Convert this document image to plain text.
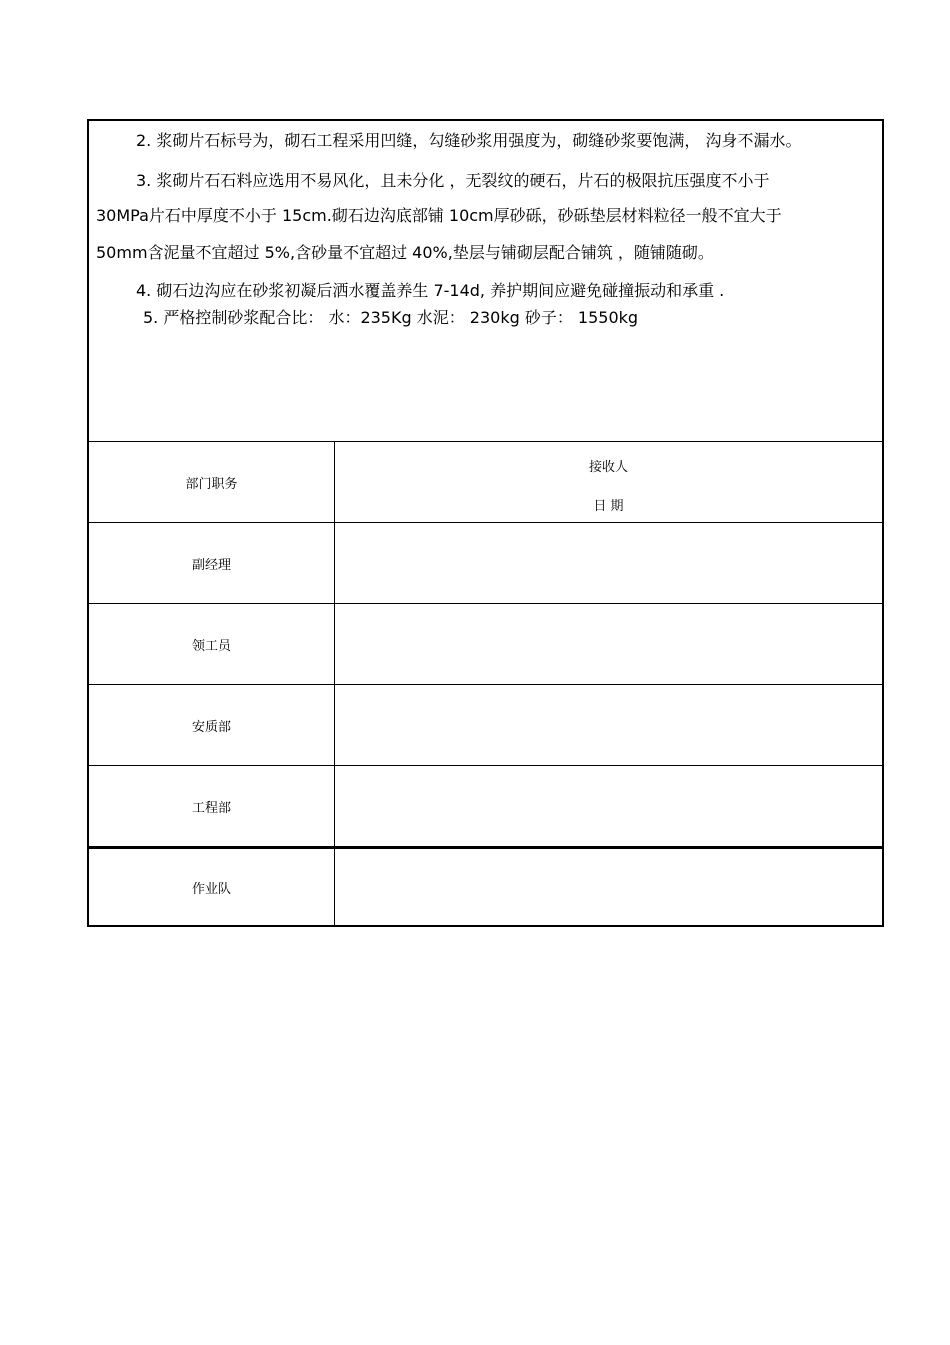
2. 浆砌片石标号为，砌石工程采用凹缝，勾缝砂浆用强度为，砌缝砂浆要饱满， 沟身不漏水。
3. 浆砌片石石料应选用不易风化，且未分化 ，无裂纹的硬石，片石的极限抗压强度不小于
30MPa片石中厚度不小于 15cm.砌石边沟底部铺 10cm厚砂砾，砂砾垫层材料粒径一般不宜大于
50mm含泥量不宜超过 5%,含砂量不宜超过 40%,垫层与铺砌层配合铺筑 ，随铺随砌。
4. 砌石边沟应在砂浆初凝后洒水覆盖养生 7-14d, 养护期间应避免碰撞振动和承重 .
5. 严格控制砂浆配合比： 水：235Kg 水泥： 230kg 砂子： 1550kg
部门职务
接收人
日 期
副经理
领工员
安质部
工程部
作业队
